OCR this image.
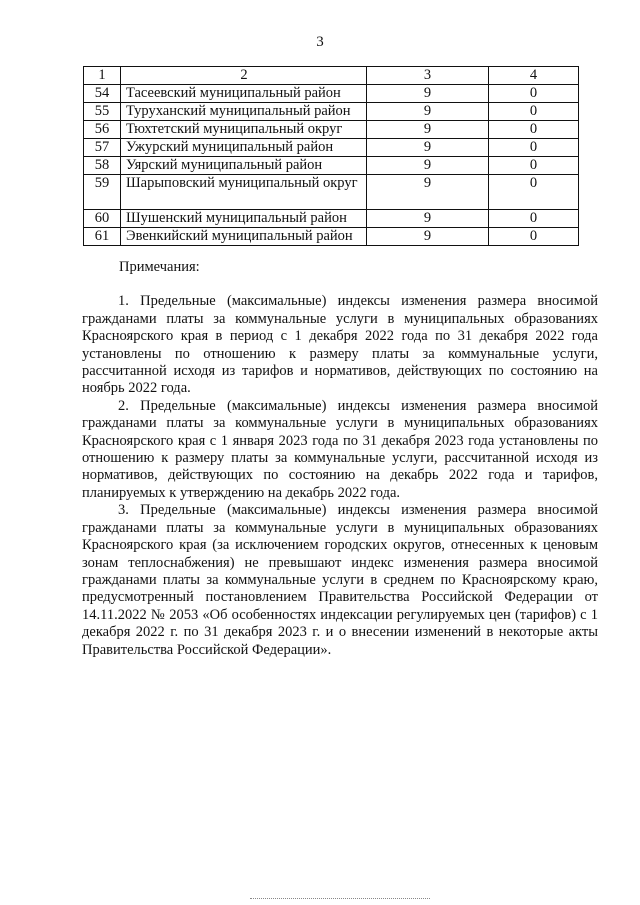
3
1	2	3	4
54	Тасеевский муниципальный район	9	0
55	Туруханский муниципальный район	9	0
56	Тюхтетский муниципальный округ	9	0
57	Ужурский муниципальный район	9	0
58	Уярский муниципальный район	9	0
59	Шарыповский муниципальный округ	9	0
60	Шушенский муниципальный район	9	0
61	Эвенкийский муниципальный район	9	0

Примечания:

1. Предельные (максимальные) индексы изменения размера вносимой гражданами платы за коммунальные услуги в муниципальных образованиях Красноярского края в период с 1 декабря 2022 года по 31 декабря 2022 года установлены по отношению к размеру платы за коммунальные услуги, рассчитанной исходя из тарифов и нормативов, действующих по состоянию на ноябрь 2022 года.

2. Предельные (максимальные) индексы изменения размера вносимой гражданами платы за коммунальные услуги в муниципальных образованиях Красноярского края с 1 января 2023 года по 31 декабря 2023 года установлены по отношению к размеру платы за коммунальные услуги, рассчитанной исходя из нормативов, действующих по состоянию на декабрь 2022 года и тарифов, планируемых к утверждению на декабрь 2022 года.

3. Предельные (максимальные) индексы изменения размера вносимой гражданами платы за коммунальные услуги в муниципальных образованиях Красноярского края (за исключением городских округов, отнесенных к ценовым зонам теплоснабжения) не превышают индекс изменения размера вносимой гражданами платы за коммунальные услуги в среднем по Красноярскому краю, предусмотренный постановлением Правительства Российской Федерации от 14.11.2022 № 2053 «Об особенностях индексации регулируемых цен (тарифов) с 1 декабря 2022 г. по 31 декабря 2023 г. и о внесении изменений в некоторые акты Правительства Российской Федерации».
